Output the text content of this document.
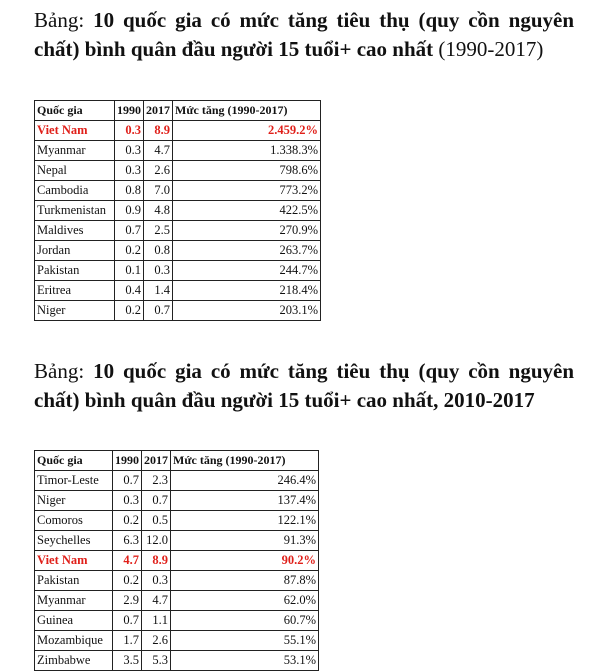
Bảng: 10 quốc gia có mức tăng tiêu thụ (quy cồn nguyên chất) bình quân đầu người 15 tuổi+ cao nhất (1990-2017)
Quốc gia	1990	2017	Mức tăng (1990-2017)
Viet Nam	0.3	8.9	2.459.2%
Myanmar	0.3	4.7	1.338.3%
Nepal	0.3	2.6	798.6%
Cambodia	0.8	7.0	773.2%
Turkmenistan	0.9	4.8	422.5%
Maldives	0.7	2.5	270.9%
Jordan	0.2	0.8	263.7%
Pakistan	0.1	0.3	244.7%
Eritrea	0.4	1.4	218.4%
Niger	0.2	0.7	203.1%
Bảng: 10 quốc gia có mức tăng tiêu thụ (quy cồn nguyên chất) bình quân đầu người 15 tuổi+ cao nhất, 2010-2017
Quốc gia	1990	2017	Mức tăng (1990-2017)
Timor-Leste	0.7	2.3	246.4%
Niger	0.3	0.7	137.4%
Comoros	0.2	0.5	122.1%
Seychelles	6.3	12.0	91.3%
Viet Nam	4.7	8.9	90.2%
Pakistan	0.2	0.3	87.8%
Myanmar	2.9	4.7	62.0%
Guinea	0.7	1.1	60.7%
Mozambique	1.7	2.6	55.1%
Zimbabwe	3.5	5.3	53.1%
